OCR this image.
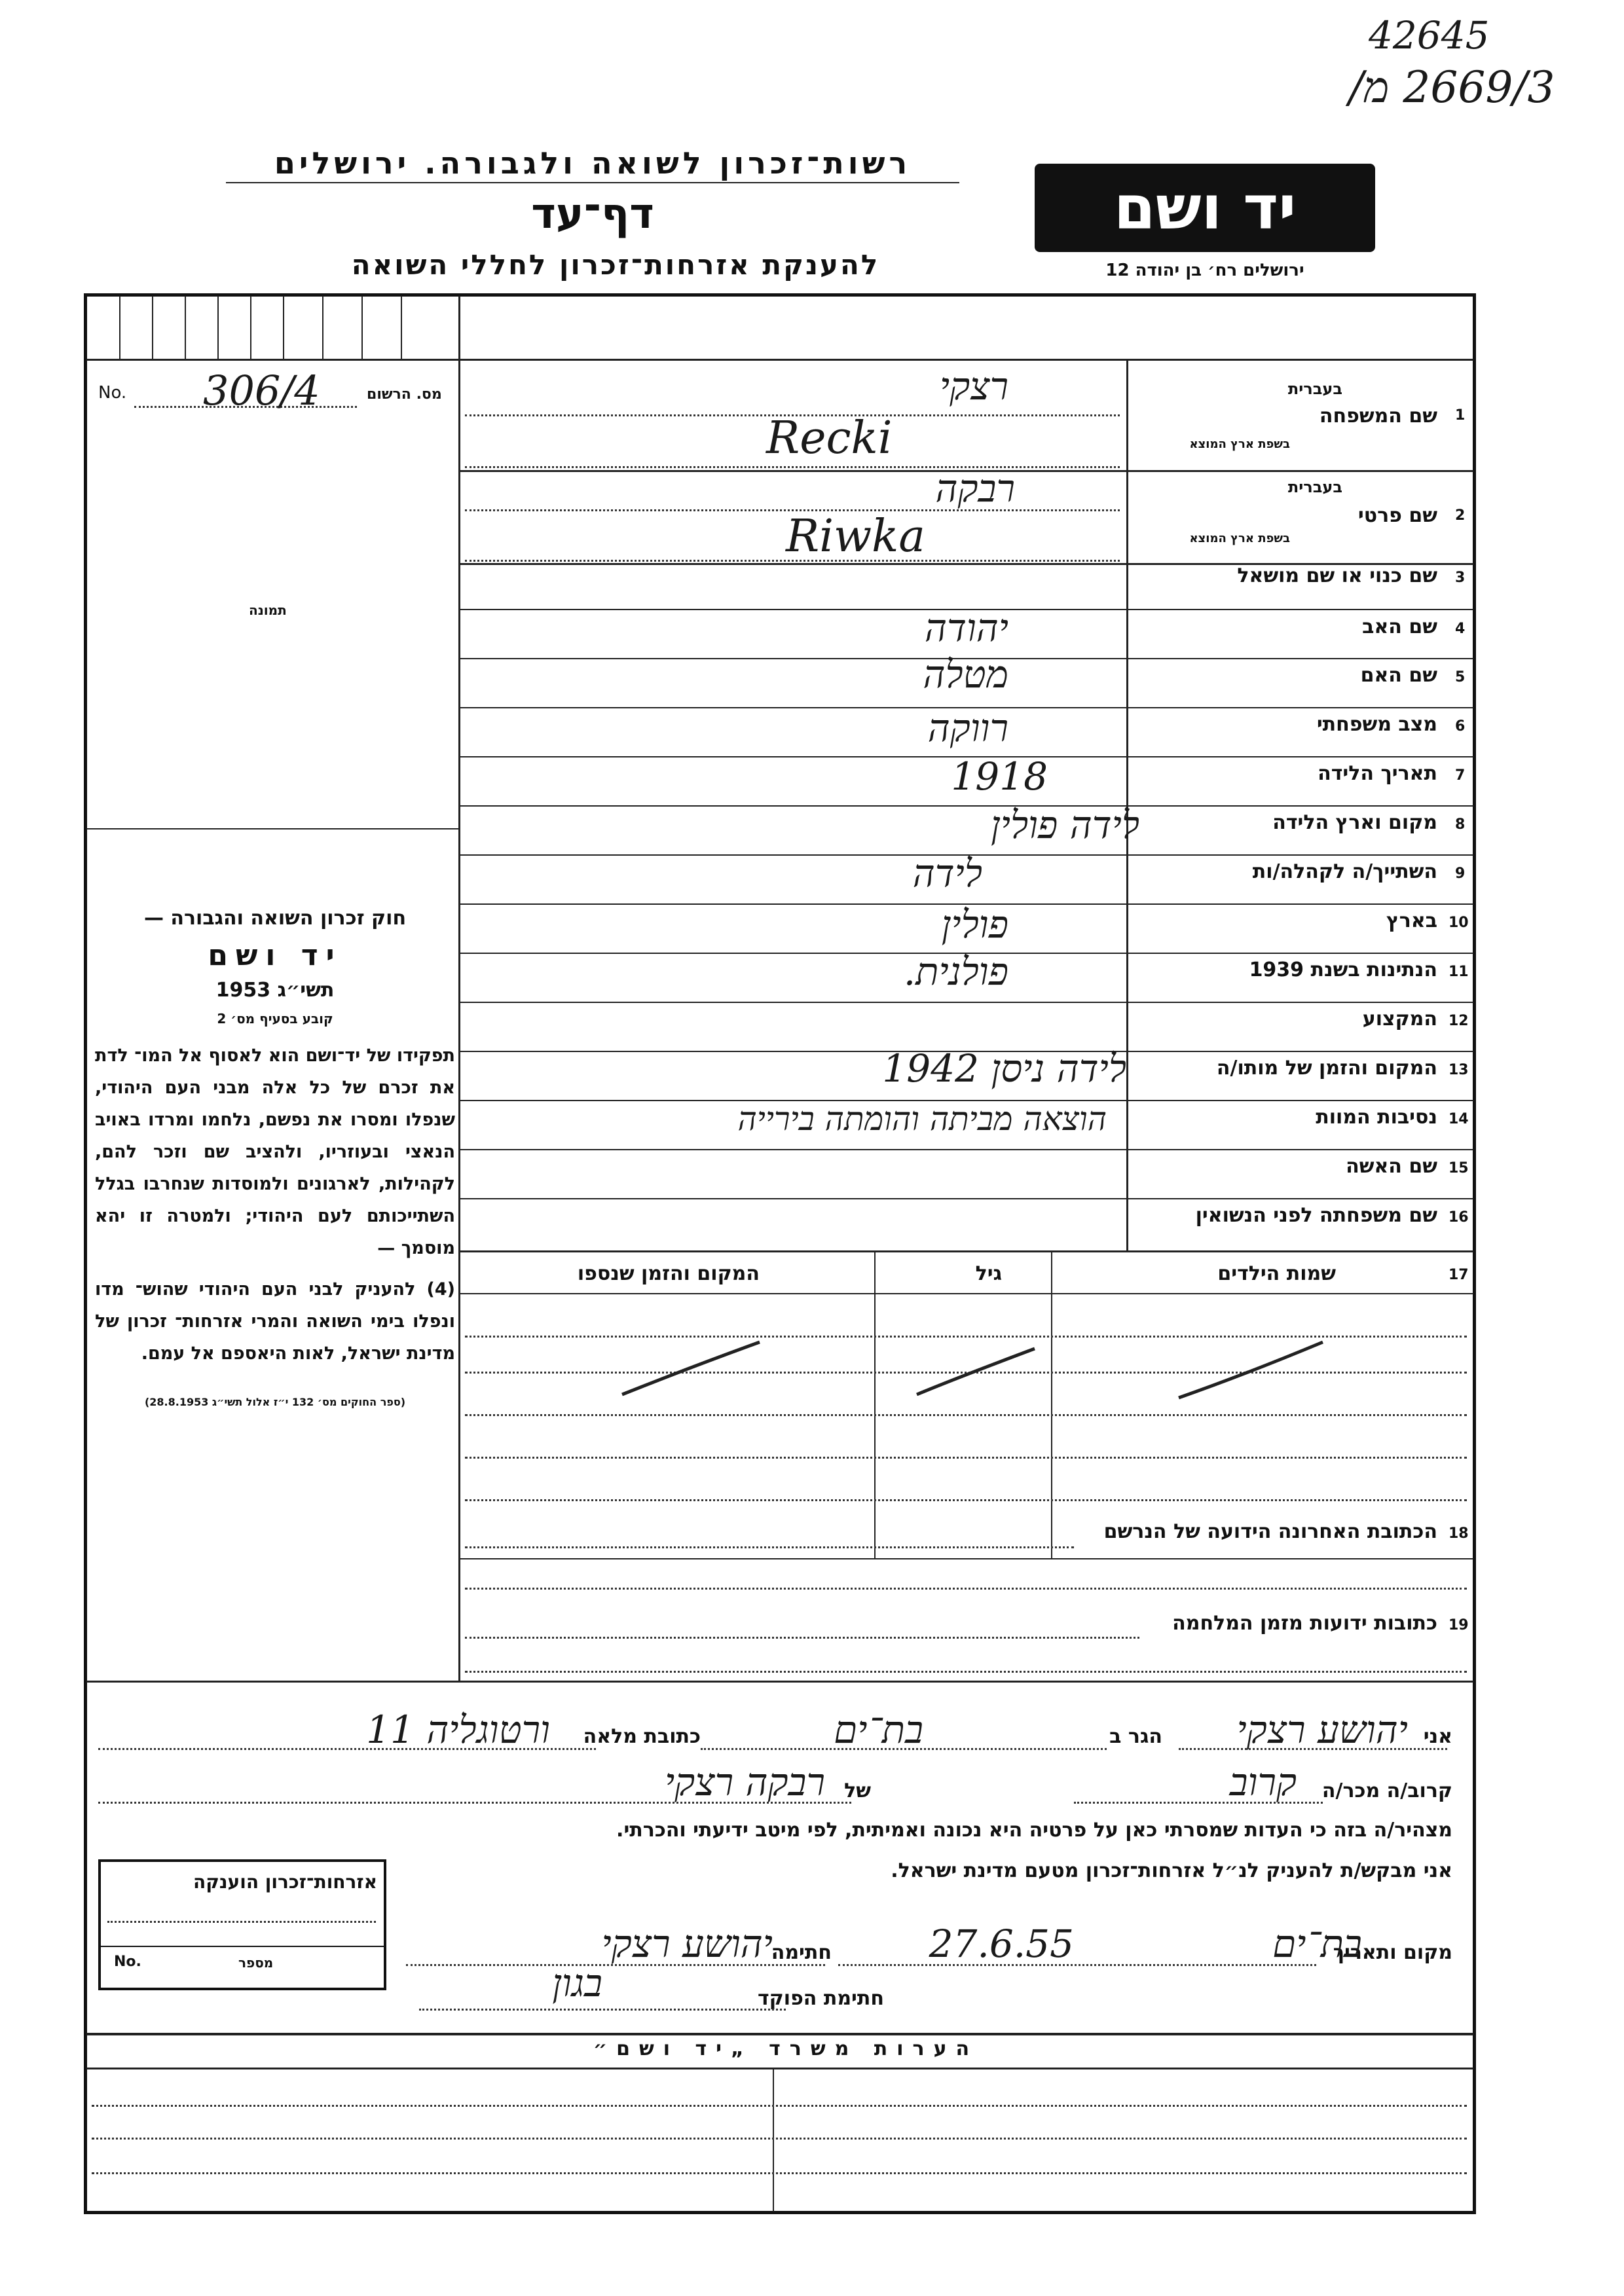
42645
2669/3 מ/
רשות־זכרון לשואה ולגבורה. ירושלים
דף־עד
להענקת אזרחות־זכרון לחללי השואה
יד ושם
ירושלים רח׳ בן יהודה 12
No. 306/4	מס. הרשום
תמונה

חוק זכרון השואה והגבורה —

יד ושם

תשי״ג 1953

קובע בסעיף מס׳ 2

תפקידו של יד־ושם הוא לאסוף אל המו־ לדת את זכרם של כל אלה מבני העם היהודי, שנפלו ומסרו את נפשם, נלחמו ומרדו באויב הנאצי ובעוזריו, ולהציב שם וזכר להם, לקהילות, לארגונים ולמוסדות שנחרבו בגלל השתייכותם לעם היהודי; ולמטרה זו יהא מוסמך —

(4) להעניק לבני העם היהודי שהוש־ מדו ונפלו בימי השואה והמרי אזרחות־ זכרון של מדינת ישראל, לאות היאספם אל עמם.

(ספר החוקים מס׳ 132 י״ז אלול תשי״ג 28.8.1953)

1
שם המשפחה
בעברית
בשפת ארץ המוצא
רצקי
Recki
2
שם פרטי
בעברית
בשפת ארץ המוצא
רבקה
Riwka
3
שם כנוי או שם מושאל
4
שם האב
יהודה
5
שם האם
מטלה
6
מצב משפחתי
רווקה
7
תאריך הלידה
1918
8
מקום וארץ הלידה
לידה פולין
9
השתייך/ה לקהלה/ות
לידה
10
בארץ
פולין
11
הנתינות בשנת 1939
פולנית.
12
המקצוע
13
המקום והזמן של מותו/ה
לידה ניסן 1942
14
נסיבות המוות
הוצאה מביתה והומתה בירייה
15
שם האשה
16
שם משפחתה לפני הנשואין
17
שמות הילדים
גיל
המקום והזמן שנספו
18
הכתובת האחרונה הידועה של הנרשם
19
כתובות ידועות מזמן המלחמה
אני
יהושע רצקי
הגר ב
בת־ים
כתובת מלאה
ורטוגליה 11
קרוב/ה מכר/ה
קרוב
של
רבקה רצקי
מצהיר/ה בזה כי העדות שמסרתי כאן על פרטיה היא נכונה ואמיתית, לפי מיטב ידיעתי והכרתי.
אני מבקש/ת להעניק לנ״ל אזרחות־זכרון מטעם מדינת ישראל.
מקום ותאריך
בת־ים
27.6.55
חתימה
יהושע רצקי
חתימת הפוקד
בגון
אזרחות־זכרון הוענקה
No.	מספר
הערות משרד „יד ושם״
